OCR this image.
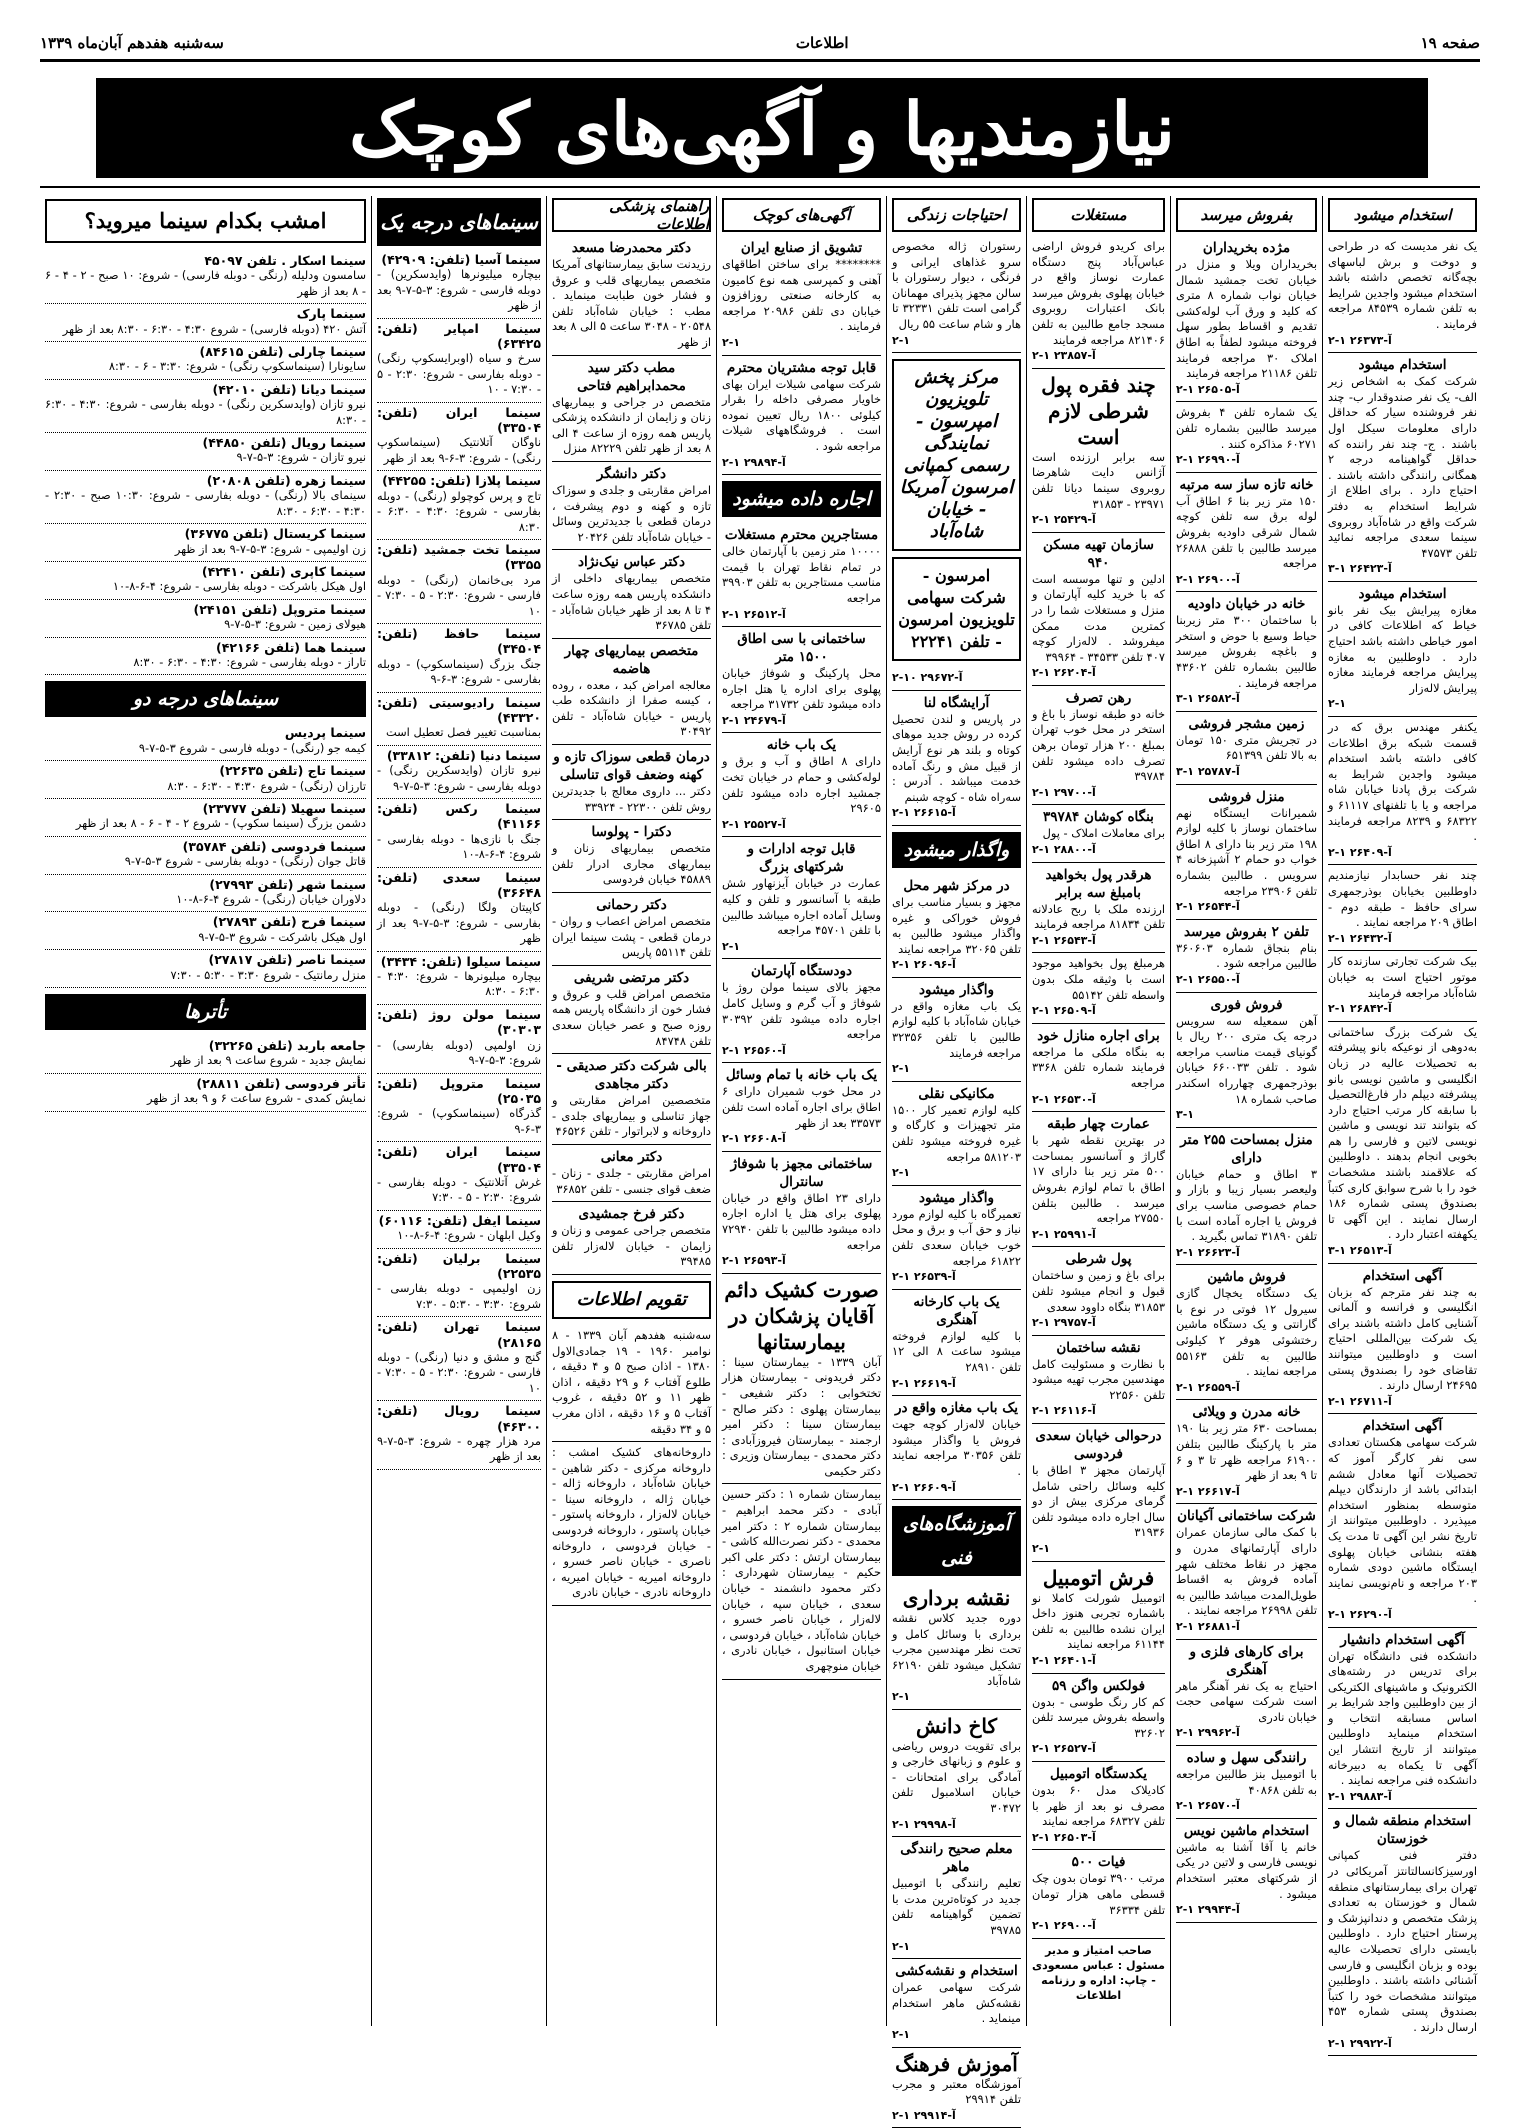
سه‌شنبه هفدهم آبان‌ماه ۱۳۳۹	اطلاعات	صفحه ۱۹
نیازمندیها و آگهی‌های کوچک
استخدام میشود
یک نفر مدیست که در طراحی و دوخت و برش لباسهای بچه‌گانه تخصص داشته باشد استخدام میشود واجدین شرایط به تلفن شماره ۸۴۵۳۹ مراجعه فرمایند .
۲-۱ آ-۲۶۳۷۳
استخدام میشود
شرکت کمک به اشخاص زیر الف- یک نفر صندوقدار ب- چند نفر فروشنده سیار که حداقل دارای معلومات سیکل اول باشند . ج- چند نفر راننده که حداقل گواهینامه درجه ۲ همگانی رانندگی داشته باشند . احتیاج دارد . برای اطلاع از شرایط استخدام به دفتر شرکت واقع در شاه‌آباد روبروی سینما سعدی مراجعه نمائید تلفن ۴۷۵۷۳
۳-۱ آ-۲۶۴۲۳
استخدام میشود
مغازه پیرایش بیک نفر بانو خیاط که اطلاعات کافی در امور خیاطی داشته باشد احتیاج دارد . داوطلبین به مغازه پیرایش مراجعه فرمایند مغازه پیرایش لاله‌زار
۲-۱
یکنفر مهندس برق که در قسمت شبکه برق اطلاعات کافی داشته باشد استخدام میشود واجدین شرایط به شرکت برق پادنا خیابان شاه مراجعه و یا با تلفنهای ۶۱۱۱۷ و ۶۸۳۲۲ و ۸۲۳۹ مراجعه فرمایند .
۲-۱ آ-۲۶۴۰۹
چند نفر حسابدار نیازمندیم داوطلبین بخیابان بوذرجمهری سرای حافظ - طبقه دوم - اطاق ۲۰۹ مراجعه نمایند .
۲-۱ آ-۲۶۴۳۲
بیک شرکت تجارتی سازنده کار موتور احتیاج است به خیابان شاه‌آباد مراجعه فرمایند
۲-۱ آ-۲۶۸۴۲
یک شرکت بزرگ ساختمانی به‌دوهی از نوعیکه بانو پیشرفته به تحصیلات عالیه در زبان انگلیسی و ماشین نویسی بانو پیشرفته دیپلم دار فارغ‌التحصیل با سابقه کار مرتب احتیاج دارد که بتوانند تند نویسی و ماشین نویسی لاتین و فارسی را هم بخوبی انجام بدهند . داوطلبین که علاقمند باشند مشخصات خود را با شرح سوابق کاری کتباً بصندوق پستی شماره ۱۸۶ ارسال نمایند . این آگهی تا یکهفته اعتبار دارد .
۳-۱ آ-۲۶۵۱۳
آگهی استخدام
به چند نفر مترجم که بزبان انگلیسی و فرانسه و آلمانی آشنایی کامل داشته باشند برای یک شرکت بین‌المللی احتیاج است و داوطلبین میتوانند تقاضای خود را بصندوق پستی ۲۴۶۹۵ ارسال دارند .
۲-۱ آ-۲۶۷۱۱
آگهی استخدام
شرکت سهامی هکستان تعدادی سی نفر کارگر آموز که تحصیلات آنها معادل ششم ابتدائی باشد از دارندگان دیپلم متوسطه بمنظور استخدام میپذیرد . داوطلبین میتوانند از تاریخ نشر این آگهی تا مدت یک هفته بنشانی خیابان پهلوی ایستگاه ماشین دودی شماره ۲۰۳ مراجعه و نام‌نویسی نمایند .
۲-۱ آ-۲۶۲۹۰
آگهی استخدام دانشیار
دانشکده فنی دانشگاه تهران برای تدریس در رشته‌های الکترونیک و ماشینهای الکتریکی از بین داوطلبین واجد شرایط بر اساس مسابقه انتخاب و استخدام مینماید داوطلبین میتوانند از تاریخ انتشار این آگهی تا یکماه به دبیرخانه دانشکده فنی مراجعه نمایند .
۲-۱ آ-۲۹۸۸۳
استخدام منطقه شمال و خوزستان
دفتر فنی کمپانی اورسیزکانسالتانتز آمریکائی در تهران برای بیمارستانهای منطقه شمال و خوزستان به تعدادی پزشک متخصص و دندانپزشک و پرستار احتیاج دارد . داوطلبین بایستی دارای تحصیلات عالیه بوده و بزبان انگلیسی و فارسی آشنائی داشته باشند . داوطلبین میتوانند مشخصات خود را کتباً بصندوق پستی شماره ۴۵۳ ارسال دارند .
۲-۱ آ-۲۹۹۲۲
بفروش میرسد
مژده بخریداران
بخریداران ویلا و منزل در خیابان تخت جمشید شمال خیابان نواب شماره ۸ متری که کلید و ورق آب لوله‌کشی تقدیم و اقساط بطور سهل فروخته میشود لطفاً به اطاق املاک ۳۰ مراجعه فرمایند تلفن ۲۱۱۸۶ مراجعه فرمایند
۲-۱ آ-۲۶۵۰۵
یک شماره تلفن ۴ بفروش میرسد طالبین بشماره تلفن ۶۰۲۷۱ مذاکره کنند .
۲-۱ آ-۲۶۹۹۰
خانه تازه ساز سه مرتبه
۱۵۰ متر زیر بنا ۶ اطاق آب لوله برق سه تلفن کوچه شمال شرقی داودیه بفروش میرسد طالبین با تلفن ۲۶۸۸۸ مراجعه
۲-۱ آ-۲۶۹۰۰
خانه در خیابان داودیه
با ساختمان ۳۰۰ متر زیربنا حیاط وسیع با حوض و استخر و باغچه بفروش میرسد طالبین بشماره تلفن ۴۳۶۰۲ مراجعه فرمایند .
۳-۱ آ-۲۶۵۸۲
زمین مشجر فروشی
در تجریش متری ۱۵۰ تومان به بالا تلفن ۶۵۱۳۹۹
۳-۱ آ-۲۵۷۸۷
منزل فروشی
شمیرانات ایستگاه نهم ساختمان نوساز با کلیه لوازم ۱۹۸ متر زیر بنا دارای ۸ اطاق خواب دو حمام ۲ آشپزخانه ۴ سرویس . طالبین بشماره تلفن ۲۳۹۰۶ مراجعه
۲-۱ آ-۲۶۵۴۴
تلفن ۲ بفروش میرسد
بنام بنجاق شماره ۳۶۰۶۰۳ طالبین مراجعه شود .
۲-۱ آ-۲۶۵۵۰
فروش فوری
آهن سمعیله سه سرویس درجه یک متری ۲۰۰ ریال با گونیای قیمت مناسب مراجعه شود . تلفن ۶۶۰۰۳۳ خیابان بوذرجمهری چهارراه اسکندر صاحب شماره ۱۸
۳-۱
منزل بمساحت ۲۵۵ متر دارای
۳ اطاق و حمام خیابان ولیعصر بسیار زیبا و بازار و حمام خصوصی مناسب برای فروش یا اجاره آماده است با تلفن ۳۱۸۹۰ تماس بگیرید .
۲-۱ آ-۲۶۶۲۳
فروش ماشین
یک دستگاه یخچال گازی سیرول ۱۲ فوتی در نوع با گارانتی و یک دستگاه ماشین رختشوئی هوفر ۲ کیلوئی طالبین به تلفن ۵۵۱۶۳ مراجعه نمایند .
۲-۱ آ-۲۶۵۵۹
خانه مدرن و ویلائی
بمساحت ۶۳۰ متر زیر بنا ۱۹۰ متر با پارکینگ طالبین بتلفن ۶۱۹۰۰ مراجعه ظهر تا ۳ و ۶ تا ۹ بعد از ظهر
۲-۱ آ-۲۶۶۱۷
شرکت ساختمانی آکیانان
با کمک مالی سازمان عمران دارای آپارتمانهای مدرن و مجهز در نقاط مختلف شهر آماده فروش به اقساط طویل‌المدت میباشد طالبین به تلفن ۲۶۹۹۸ مراجعه نمایند .
۲-۱ آ-۲۶۸۸۱
برای کارهای فلزی و آهنگری
احتیاج به یک نفر آهنگر ماهر است شرکت سهامی حجت خیابان نادری
۲-۱ آ-۲۹۹۶۲
رانندگی سهل و ساده
با اتومبیل بنز طالبین مراجعه به تلفن ۴۰۸۶۸
۲-۱ آ-۲۶۵۷۰
استخدام ماشین نویس
خانم یا آقا آشنا به ماشین نویسی فارسی و لاتین در یکی از شرکتهای معتبر استخدام میشود .
۲-۱ آ-۲۹۹۴۴
مستغلات
برای کریدو فروش اراضی عباس‌آباد پنج دستگاه عمارت نوساز واقع در خیابان پهلوی بفروش میرسد بانک اعتبارات روبروی مسجد جامع طالبین به تلفن ۸۲۱۴۰۶ مراجعه فرمایند
۲-۱ آ-۲۳۸۵۷
چند فقره پول شرطی لازم است
سه برابر ارزنده است آژانس دایت شاهرضا روبروی سینما دیانا تلفن ۲۳۹۷۱ - ۳۱۸۵۳
۲-۱ آ-۲۵۴۲۹
سازمان تهیه مسکن ۹۴۰
ادلین و تنها موسسه است که با خرید کلیه آپارتمان و منزل و مستغلات شما را در کمترین مدت ممکن میفروشد . لاله‌زار کوچه ۴۰۷ تلفن ۳۴۵۳۳ - ۳۹۹۶۴
۲-۱ آ-۲۶۲۰۴
رهن تصرف
خانه دو طبقه نوساز با باغ و استخر در محل خوب تهران بمبلغ ۲۰۰ هزار تومان برهن تصرف داده میشود تلفن ۳۹۷۸۴
۲-۱ آ-۲۹۷۰۰
بنگاه کوشان ۳۹۷۸۴
برای معاملات املاک - پول
۲-۱ آ-۲۸۸۰۰
هرقدر پول بخواهید بامبلغ سه برابر
ارزنده ملک با ربح عادلانه تلفن ۸۱۸۳۴ مراجعه فرمایند
۲-۱ آ-۲۶۵۴۳
هرمبلغ پول بخواهید موجود است با وثیقه ملک بدون واسطه تلفن ۵۵۱۴۲
۲-۱ آ-۲۶۵۰۹
برای اجاره منازل خود
به بنگاه ملکی ما مراجعه فرمایند شماره تلفن ۳۳۶۸ مراجعه
۲-۱ آ-۲۶۵۳۰
عمارت چهار طبقه
در بهترین نقطه شهر با گاراژ و آسانسور بمساحت ۵۰۰ متر زیر بنا دارای ۱۷ اطاق با تمام لوازم بفروش میرسد . طالبین بتلفن ۲۷۵۵۰ مراجعه
۲-۱ آ-۲۵۹۹۱
پول شرطی
برای باغ و زمین و ساختمان قبول و انجام میشود تلفن ۳۱۸۵۳ بنگاه داوود سعدی
۲-۱ آ-۲۹۷۵۷
نقشه ساختمان
با نظارت و مسئولیت کامل مهندسین مجرب تهیه میشود تلفن ۲۲۵۶۰
۲-۱ آ-۲۶۱۱۶
درحوالی خیابان سعدی فردوسی
آپارتمان مجهز ۳ اطاق با کلیه وسائل راحتی شامل گرمای مرکزی بیش از دو سال اجاره داده میشود تلفن ۳۱۹۳۶
۲-۱
فرش اتومبیل
اتومبیل شورلت کاملا نو باشماره تجربی هنوز داخل ایران نشده طالبین به تلفن ۶۱۱۴۴ مراجعه نمایند
۲-۱ آ-۲۶۴۰۱
فولکس واگن ۵۹
کم کار رنگ طوسی - بدون واسطه بفروش میرسد تلفن ۳۲۶۰۲
۲-۱ آ-۲۶۵۲۷
یکدستگاه اتومبیل
کادیلاک مدل ۶۰ بدون مصرف نو بعد از ظهر با تلفن ۶۸۳۲۷ مراجعه نمایند
۲-۱ آ-۲۶۵۰۳
فیات ۵۰۰
مرتب ۳۹۰۰ تومان بدون چک قسطی ماهی هزار تومان تلفن ۳۶۳۳۴
۲-۱ آ-۲۶۹۰۰
صاحب امتیاز و مدیر مسئول : عباس مسعودی - چاپ: اداره و رزنامه اطلاعات
احتیاجات زندگی
رستوران ژاله مخصوص سرو غذاهای ایرانی و فرنگی ، دیوار رستوران با سالن مجهز پذیرای مهمانان گرامی است تلفن ۳۲۳۳۱ تا هار و شام ساعت ۵۵ ریال
۲-۱
مرکز پخش تلویزیون امپرسون - نمایندگی رسمی کمپانی امرسون آمریکا - خیابان شاه‌آباد
امرسون - شرکت سهامی تلویزیون امرسون - تلفن ۲۲۲۴۱
۲-۱۰ آ-۲۹۶۷۲
آرایشگاه لنا
در پاریس و لندن تحصیل کرده در روش جدید موهای کوتاه و بلند هر نوع آرایش از قبیل مش و رنگ آماده خدمت میباشد . آدرس : سه‌راه شاه - کوچه شبنم
۲-۱ آ-۲۶۶۱۵
واگذار میشود
در مرکز شهر محل
مجهز و بسیار مناسب برای فروش خوراکی و غیره واگذار میشود طالبین به تلفن ۳۲۰۶۵ مراجعه نمایند
۲-۱ آ-۲۶۰۹۶
واگذار میشود
یک باب مغازه واقع در خیابان شاه‌آباد با کلیه لوازم طالبین با تلفن ۳۲۳۵۶ مراجعه فرمایند
۲-۱
مکانیکی نقلی
کلیه لوازم تعمیر کار ۱۵۰۰ متر تجهیزات و کارگاه و غیره فروخته میشود تلفن ۵۸۱۲۰۳ مراجعه
۲-۱
واگذار میشود
تعمیرگاه با کلیه لوازم مورد نیاز و حق آب و برق و محل خوب خیابان سعدی تلفن ۶۱۸۲۲ مراجعه
۲-۱ آ-۲۶۵۳۹
یک باب کارخانه آهنگری
با کلیه لوازم فروخته میشود ساعت ۸ الی ۱۲ تلفن ۲۸۹۱۰
۲-۱ آ-۲۶۶۱۹
یک باب مغازه واقع در
خیابان لاله‌زار کوچه جهت فروش یا واگذار میشود تلفن ۳۰۳۵۶ مراجعه نمایند .
۲-۱ آ-۲۶۶۰۹
آموزشگاه‌های فنی
نقشه برداری
دوره جدید کلاس نقشه برداری با وسائل کامل و تحت نظر مهندسین مجرب تشکیل میشود تلفن ۶۲۱۹۰ شاه‌آباد
۲-۱
کاخ دانش
برای تقویت دروس ریاضی و علوم و زبانهای خارجی و آمادگی برای امتحانات - خیابان اسلامبول تلفن ۳۰۴۷۲
۲-۱ آ-۲۹۹۹۸
معلم صحیح رانندگی ماهر
تعلیم رانندگی با اتومبیل جدید در کوتاه‌ترین مدت با تضمین گواهینامه تلفن ۳۹۷۸۵
۲-۱
استخدام و نقشه‌کشی
شرکت سهامی عمران نقشه‌کش ماهر استخدام مینماید .
۲-۱
آموزش فرهنگ
آموزشگاه معتبر و مجرب تلفن ۲۹۹۱۴
۲-۱ آ-۲۹۹۱۴
آگهی‌های کوچک
تشویق از صنایع ایران
******** برای ساختن اطاقهای آهنی و کمپرسی همه نوع کامیون به کارخانه صنعتی روزافزون خیابان دی تلفن ۲۰۹۸۶ مراجعه فرمایند .
۲-۱
قابل توجه مشتریان محترم
شرکت سهامی شیلات ایران بهای خاویار مصرفی داخله را بقرار کیلوئی ۱۸۰۰ ریال تعیین نموده است . فروشگاههای شیلات مراجعه شود .
۲-۱ آ-۲۹۸۹۴
اجاره داده میشود
مستاجرین محترم مستغلات
۱۰۰۰۰ متر زمین با آپارتمان خالی در تمام نقاط تهران با قیمت مناسب مستاجرین به تلفن ۳۹۹۰۳ مراجعه
۲-۱ آ-۲۶۵۱۲
ساختمانی با سی اطاق ۱۵۰۰ متر
محل پارکینگ و شوفاژ خیابان پهلوی برای اداره یا هتل اجاره داده میشود تلفن ۳۱۷۳۲ مراجعه
۲-۱ آ-۲۴۶۷۹
یک باب خانه
دارای ۸ اطاق و آب و برق و لوله‌کشی و حمام در خیابان تخت جمشید اجاره داده میشود تلفن ۲۹۶۰۵
۲-۱ آ-۲۵۵۲۷
قابل توجه ادارات و شرکتهای بزرگ
عمارت در خیابان آیزنهاور شش طبقه با آسانسور و تلفن و کلیه وسایل آماده اجاره میباشد طالبین با تلفن ۴۵۷۰۱ مراجعه
۲-۱
دودستگاه آپارتمان
مجهز بالای سینما مولن روژ با شوفاژ و آب گرم و وسایل کامل اجاره داده میشود تلفن ۳۰۳۹۲ مراجعه
۲-۱ آ-۲۶۵۶۰
یک باب خانه با تمام وسائل
در محل خوب شمیران دارای ۶ اطاق برای اجاره آماده است تلفن ۳۳۵۷۳ بعد از ظهر
۲-۱ آ-۲۶۶۰۸
ساختمانی مجهز با شوفاژ سانترال
دارای ۲۳ اطاق واقع در خیابان پهلوی برای هتل یا اداره اجاره داده میشود طالبین با تلفن ۷۲۹۴۰ مراجعه
۲-۱ آ-۲۶۵۹۳
صورت کشیک دائم آقایان پزشکان در بیمارستانها
آبان ۱۳۳۹ - بیمارستان سینا : دکتر فریدونی - بیمارستان هزار تختخوابی : دکتر شفیعی - بیمارستان پهلوی : دکتر صالح - بیمارستان سینا : دکتر امیر ارجمند - بیمارستان فیروزآبادی : دکتر محمدی - بیمارستان وزیری : دکتر حکیمی
بیمارستان شماره ۱ : دکتر حسین آبادی - دکتر محمد ابراهیم - بیمارستان شماره ۲ : دکتر امیر محمدی - دکتر نصرت‌الله کاشی - بیمارستان ارتش : دکتر علی اکبر حکیم - بیمارستان شهرداری : دکتر محمود دانشمند - خیابان سعدی ، خیابان سپه ، خیابان لاله‌زار ، خیابان ناصر خسرو ، خیابان شاه‌آباد ، خیابان فردوسی ، خیابان استانبول ، خیابان نادری ، خیابان منوچهری
راهنمای پزشکی اطلاعات
دکتر محمدرضا مسعد
رزیدنت سابق بیمارستانهای آمریکا متخصص بیماریهای قلب و عروق و فشار خون طبابت مینماید . مطب : خیابان شاه‌آباد تلفن ۲۰۵۴۸ - ۳۰۴۸ ساعت ۵ الی ۸ بعد از ظهر
مطب دکتر سید محمدابراهیم فتاحی
متخصص در جراحی و بیماریهای زنان و زایمان از دانشکده پزشکی پاریس همه روزه از ساعت ۴ الی ۸ بعد از ظهر تلفن ۸۲۲۲۹ منزل
دکتر دانشگر
امراض مقاربتی و جلدی و سوزاک تازه و کهنه و دوم پیشرفت ، درمان قطعی با جدیدترین وسائل - خیابان شاه‌آباد تلفن ۲۰۴۲۶
دکتر عباس نیک‌نژاد
متخصص بیماریهای داخلی از دانشکده پاریس همه روزه ساعت ۴ تا ۸ بعد از ظهر خیابان شاه‌آباد - تلفن ۳۶۷۸۵
متخصص بیماریهای چهار هاضمه
معالجه امراض کبد ، معده ، روده ، کیسه صفرا از دانشکده طب پاریس - خیابان شاه‌آباد - تلفن ۳۰۴۹۲
درمان قطعی سوزاک تازه و کهنه وضعف قوای تناسلی
دکتر ... داروی معالج با جدیدترین روش تلفن ۲۲۳۰۰ - ۳۳۹۲۴
دکترا - پولوسا
متخصص بیماریهای زنان و بیماریهای مجاری ادرار تلفن ۴۵۸۸۹ خیابان فردوسی
دکتر رحمانی
متخصص امراض اعصاب و روان - درمان قطعی - پشت سینما ایران تلفن ۵۵۱۱۴ پاریس
دکتر مرتضی شریفی
متخصص امراض قلب و عروق و فشار خون از دانشگاه پاریس همه روزه صبح و عصر خیابان سعدی تلفن ۸۴۷۴۸
بالی شرکت دکتر صدیقی - دکتر مجاهدی
متخصصین امراض مقاربتی و جهاز تناسلی و بیماریهای جلدی - داروخانه و لابراتوار - تلفن ۴۶۵۲۶
دکتر معانی
امراض مقاربتی - جلدی - زنان - ضعف قوای جنسی - تلفن ۳۶۸۵۲
دکتر فرخ جمشیدی
متخصص جراحی عمومی و زنان و زایمان - خیابان لاله‌زار تلفن ۳۹۴۸۵
تقویم اطلاعات
سه‌شنبه هفدهم آبان ۱۳۳۹ - ۸ نوامبر ۱۹۶۰ - ۱۹ جمادی‌الاول ۱۳۸۰ - اذان صبح ۵ و ۴ دقیقه ، طلوع آفتاب ۶ و ۲۹ دقیقه ، اذان ظهر ۱۱ و ۵۲ دقیقه ، غروب آفتاب ۵ و ۱۶ دقیقه ، اذان مغرب ۵ و ۳۴ دقیقه
داروخانه‌های کشیک امشب : داروخانه مرکزی - دکتر شاهین - خیابان شاه‌آباد ، داروخانه ژاله - خیابان ژاله ، داروخانه سینا - خیابان لاله‌زار ، داروخانه پاستور - خیابان پاستور ، داروخانه فردوسی - خیابان فردوسی ، داروخانه ناصری - خیابان ناصر خسرو ، داروخانه امیریه - خیابان امیریه ، داروخانه نادری - خیابان نادری
سینماهای درجه یک
سینما آسیا (تلفن: ۴۲۹۰۹)
بیچاره میلیونرها (وایدسکرین) - دوبله فارسی - شروع: ۳-۵-۷-۹ بعد از ظهر
سینما امپایر (تلفن: ۶۳۴۲۵)
سرخ و سیاه (اوبرایسکوپ رنگی) - دوبله بفارسی - شروع: ۲:۳۰ - ۵ - ۷:۳۰ - ۱۰
سینما ایران (تلفن: ۳۳۵۰۴)
ناوگان آتلانتیک (سینماسکوپ رنگی) - شروع: ۳-۶-۹ بعد از ظهر
سینما پلازا (تلفن: ۴۴۲۵۵)
تاج و پرس کوچولو (رنگی) - دوبله بفارسی - شروع: ۴:۳۰ - ۶:۳۰ - ۸:۳۰
سینما تخت جمشید (تلفن: ۳۳۵۵)
مرد بی‌خانمان (رنگی) - دوبله فارسی - شروع: ۲:۳۰ - ۵ - ۷:۳۰ - ۱۰
سینما حافظ (تلفن: ۳۴۵۰۴)
جنگ بزرگ (سینماسکوپ) - دوبله بفارسی - شروع: ۳-۶-۹
سینما رادیوسیتی (تلفن: ۴۳۳۲۰)
بمناسبت تغییر فصل تعطیل است
سینما دنیا (تلفن: ۳۳۸۱۲)
نیرو تازان (وایدسکرین رنگی) - دوبله بفارسی - شروع: ۳-۵-۷-۹
سینما رکس (تلفن: ۴۱۱۶۶)
جنگ با نازی‌ها - دوبله بفارسی - شروع: ۴-۶-۸-۱۰
سینما سعدی (تلفن: ۳۶۶۴۸)
کاپیتان ولگا (رنگی) - دوبله بفارسی - شروع: ۳-۵-۷-۹ بعد از ظهر
سینما سیلوا (تلفن: ۳۴۳۴)
بیچاره میلیونرها - شروع: ۴:۳۰ - ۶:۳۰ - ۸:۳۰
سینما مولن روژ (تلفن: ۳۰۳۰۳)
زن اولمپی (دوبله بفارسی) - شروع: ۳-۵-۷-۹
سینما متروپل (تلفن: ۲۵۰۳۵)
گذرگاه (سینماسکوپ) - شروع: ۳-۶-۹
سینما ایران (تلفن: ۳۳۵۰۴)
غرش آتلانتیک - دوبله بفارسی - شروع: ۲:۳۰ - ۵ - ۷:۳۰
سینما ایفل (تلفن: ۶۰۱۱۶)
وکیل ابلهان - شروع: ۴-۶-۸-۱۰
سینما برلیان (تلفن: ۲۲۵۳۵)
زن اولیمپی - دوبله بفارسی - شروع: ۳:۳۰ - ۵:۳۰ - ۷:۳۰
سینما تهران (تلفن: ۲۸۱۶۵)
گنج و مشق و دنیا (رنگی) - دوبله فارسی - شروع: ۲:۳۰ - ۵ - ۷:۳۰ - ۱۰
سینما رویال (تلفن: ۴۶۳۰۰)
مرد هزار چهره - شروع: ۳-۵-۷-۹ بعد از ظهر
امشب بکدام سینما میروید؟
سینما اسکار . تلفن ۴۵۰۹۷
سامسون ودلیله (رنگی - دوبله فارسی) - شروع: ۱۰ صبح - ۲ - ۴ - ۶ - ۸ بعد از ظهر
سینما پارک
آتش ۴۲۰ (دوبله فارسی) - شروع ۴:۳۰ - ۶:۳۰ - ۸:۳۰ بعد از ظهر
سینما چارلی (تلفن ۸۴۶۱۵)
سایونارا (سینماسکوپ رنگی) - شروع: ۳:۳۰ - ۶ - ۸:۳۰
سینما دیانا (تلفن ۴۲۰۱۰)
نیرو تازان (وایدسکرین رنگی) - دوبله بفارسی - شروع: ۴:۳۰ - ۶:۳۰ - ۸:۳۰
سینما رویال (تلفن ۴۴۸۵۰)
نیرو تازان - شروع: ۳-۵-۷-۹
سینما زهره (تلفن ۲۰۸۰۸)
سینمای بالا (رنگی) - دوبله بفارسی - شروع: ۱۰:۳۰ صبح - ۲:۳۰ - ۴:۳۰ - ۶:۳۰ - ۸:۳۰
سینما کریستال (تلفن ۳۶۷۷۵)
زن اولیمپی - شروع: ۳-۵-۷-۹ بعد از ظهر
سینما کاپری (تلفن ۴۲۴۱۰)
اول هیکل باشرکت - دوبله بفارسی - شروع: ۴-۶-۸-۱۰
سینما متروپل (تلفن ۲۴۱۵۱)
هیولای زمین - شروع: ۳-۵-۷-۹
سینما هما (تلفن ۴۲۱۶۶)
تاراز - دوبله بفارسی - شروع: ۴:۳۰ - ۶:۳۰ - ۸:۳۰
سینماهای درجه دو
سینما پردیس
کیمه جو (رنگی) - دوبله فارسی - شروع ۳-۵-۷-۹
سینما تاج (تلفن ۲۲۶۳۵)
تارزان (رنگی) - شروع ۴:۳۰ - ۶:۳۰ - ۸:۳۰
سینما سهیلا (تلفن ۲۳۷۷۷)
دشمن بزرگ (سینما سکوپ) - شروع ۲ - ۴ - ۶ - ۸ بعد از ظهر
سینما فردوسی (تلفن ۳۵۷۸۴)
قاتل جوان (رنگی) - دوبله بفارسی - شروع ۳-۵-۷-۹
سینما شهر (تلفن ۲۷۹۹۳)
دلاوران خیابان (رنگی) - شروع ۴-۶-۸-۱۰
سینما فرح (تلفن ۲۷۸۹۳)
اول هیکل باشرکت - شروع ۳-۵-۷-۹
سینما ناصر (تلفن ۲۷۸۱۷)
منزل رمانتیک - شروع ۳:۳۰ - ۵:۳۰ - ۷:۳۰
تأترها
جامعه باربد (تلفن ۳۲۲۶۵)
نمایش جدید - شروع ساعت ۹ بعد از ظهر
تأتر فردوسی (تلفن ۲۸۸۱۱)
نمایش کمدی - شروع ساعت ۶ و ۹ بعد از ظهر
